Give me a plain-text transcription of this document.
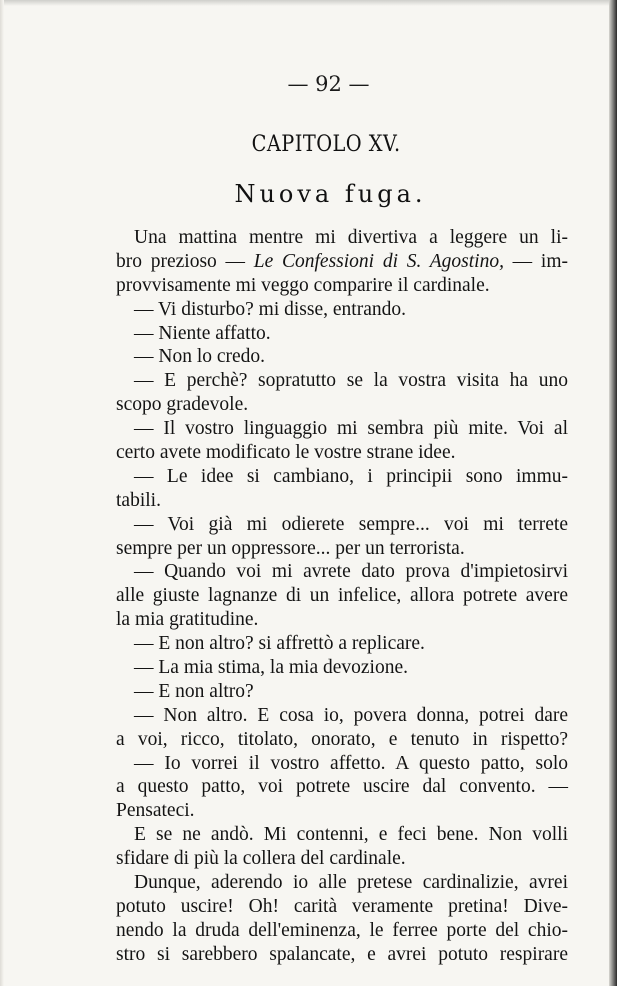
— 92 —
CAPITOLO XV.
Nuova fuga.
Una mattina mentre mi divertiva a leggere un li-
bro prezioso — Le Confessioni di S. Agostino, — im-
provvisamente mi veggo comparire il cardinale.
— Vi disturbo? mi disse, entrando.
— Niente affatto.
— Non lo credo.
— E perchè? sopratutto se la vostra visita ha uno
scopo gradevole.
— Il vostro linguaggio mi sembra più mite. Voi al
certo avete modificato le vostre strane idee.
— Le idee si cambiano, i principii sono immu-
tabili.
— Voi già mi odierete sempre... voi mi terrete
sempre per un oppressore... per un terrorista.
— Quando voi mi avrete dato prova d'impietosirvi
alle giuste lagnanze di un infelice, allora potrete avere
la mia gratitudine.
— E non altro? si affrettò a replicare.
— La mia stima, la mia devozione.
— E non altro?
— Non altro. E cosa io, povera donna, potrei dare
a voi, ricco, titolato, onorato, e tenuto in rispetto?
— Io vorrei il vostro affetto. A questo patto, solo
a questo patto, voi potrete uscire dal convento. —
Pensateci.
E se ne andò. Mi contenni, e feci bene. Non volli
sfidare di più la collera del cardinale.
Dunque, aderendo io alle pretese cardinalizie, avrei
potuto uscire! Oh! carità veramente pretina! Dive-
nendo la druda dell'eminenza, le ferree porte del chio-
stro si sarebbero spalancate, e avrei potuto respirare
